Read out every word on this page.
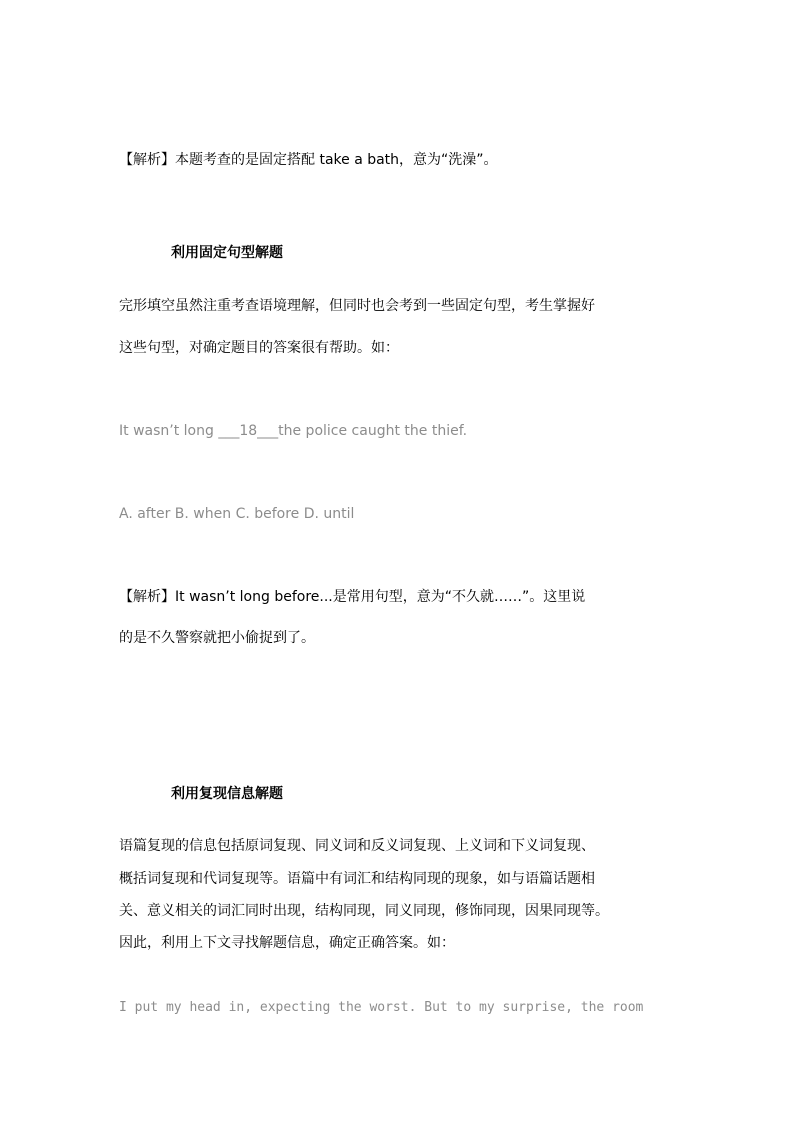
【解析】本题考查的是固定搭配 take a bath，意为“洗澡”。

利用固定句型解题

完形填空虽然注重考查语境理解，但同时也会考到一些固定句型，考生掌握好

这些句型，对确定题目的答案很有帮助。如：

It wasn’t long ___18___the police caught the thief.

A. after B. when C. before D. until

【解析】It wasn’t long before...是常用句型，意为“不久就……”。这里说

的是不久警察就把小偷捉到了。

利用复现信息解题

语篇复现的信息包括原词复现、同义词和反义词复现、上义词和下义词复现、

概括词复现和代词复现等。语篇中有词汇和结构同现的现象，如与语篇话题相

关、意义相关的词汇同时出现，结构同现，同义同现，修饰同现，因果同现等。

因此，利用上下文寻找解题信息，确定正确答案。如：

I put my head in, expecting the worst. But to my surprise, the room
